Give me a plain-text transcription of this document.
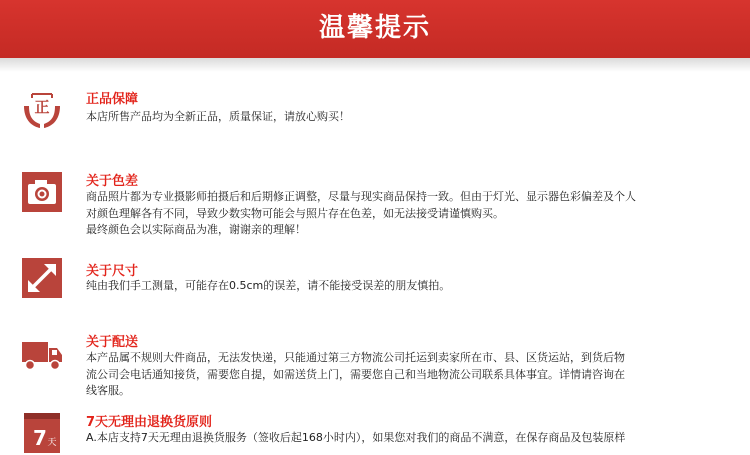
温馨提示
正	正品保障
本店所售产品均为全新正品，质量保证，请放心购买！
关于色差
商品照片都为专业摄影师拍摄后和后期修正调整，尽量与现实商品保持一致。但由于灯光、显示器色彩偏差及个人
对颜色理解各有不同，导致少数实物可能会与照片存在色差，如无法接受请谨慎购买。
最终颜色会以实际商品为准，谢谢亲的理解！
关于尺寸
纯由我们手工测量，可能存在0.5cm的误差，请不能接受误差的朋友慎拍。
关于配送
本产品属不规则大件商品，无法发快递，只能通过第三方物流公司托运到卖家所在市、县、区货运站，到货后物
流公司会电话通知接货，需要您自提，如需送货上门，需要您自己和当地物流公司联系具体事宜。详情请咨询在
线客服。
7 天
7天无理由退换货原则
A.本店支持7天无理由退换货服务（签收后起168小时内），如果您对我们的商品不满意，在保存商品及包装原样
